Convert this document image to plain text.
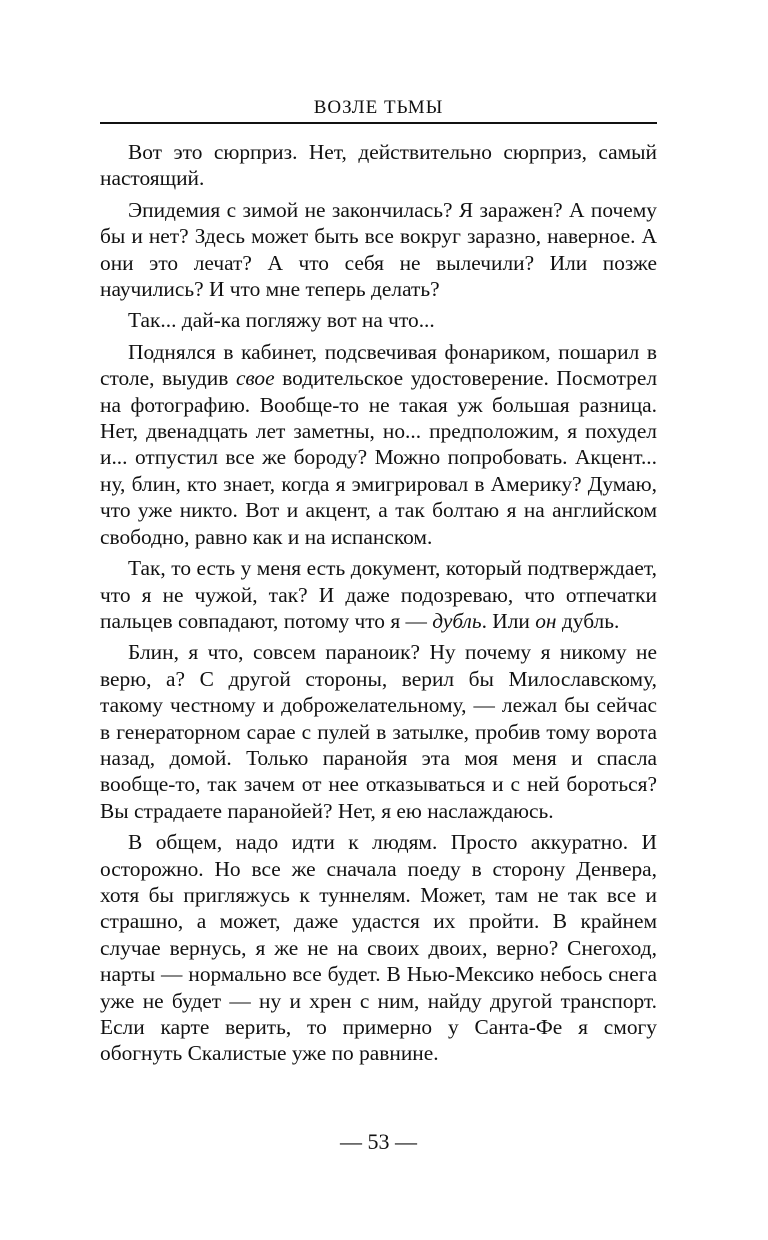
ВОЗЛЕ ТЬМЫ

Вот это сюрприз. Нет, действительно сюрприз, самый настоящий.

Эпидемия с зимой не закончилась? Я заражен? А почему бы и нет? Здесь может быть все вокруг заразно, наверное. А они это лечат? А что себя не вылечили? Или позже научились? И что мне теперь делать?

Так... дай-ка погляжу вот на что...

Поднялся в кабинет, подсвечивая фонариком, пошарил в столе, выудив свое водительское удостоверение. Посмотрел на фотографию. Вообще-то не такая уж большая разница. Нет, двенадцать лет заметны, но... предположим, я похудел и... отпустил все же бороду? Можно попробовать. Акцент... ну, блин, кто знает, когда я эмигрировал в Америку? Думаю, что уже никто. Вот и акцент, а так болтаю я на английском свободно, равно как и на испанском.

Так, то есть у меня есть документ, который подтверждает, что я не чужой, так? И даже подозреваю, что отпечатки пальцев совпадают, потому что я — дубль. Или он дубль.

Блин, я что, совсем параноик? Ну почему я никому не верю, а? С другой стороны, верил бы Милославскому, такому честному и доброжелательному, — лежал бы сейчас в генераторном сарае с пулей в затылке, пробив тому ворота назад, домой. Только паранойя эта моя меня и спасла вообще-то, так зачем от нее отказываться и с ней бороться? Вы страдаете паранойей? Нет, я ею наслаждаюсь.

В общем, надо идти к людям. Просто аккуратно. И осторожно. Но все же сначала поеду в сторону Денвера, хотя бы пригляжусь к туннелям. Может, там не так все и страшно, а может, даже удастся их пройти. В крайнем случае вернусь, я же не на своих двоих, верно? Снегоход, нарты — нормально все будет. В Нью-Мексико небось снега уже не будет — ну и хрен с ним, найду другой транспорт. Если карте верить, то примерно у Санта-Фе я смогу обогнуть Скалистые уже по равнине.

— 53 —
